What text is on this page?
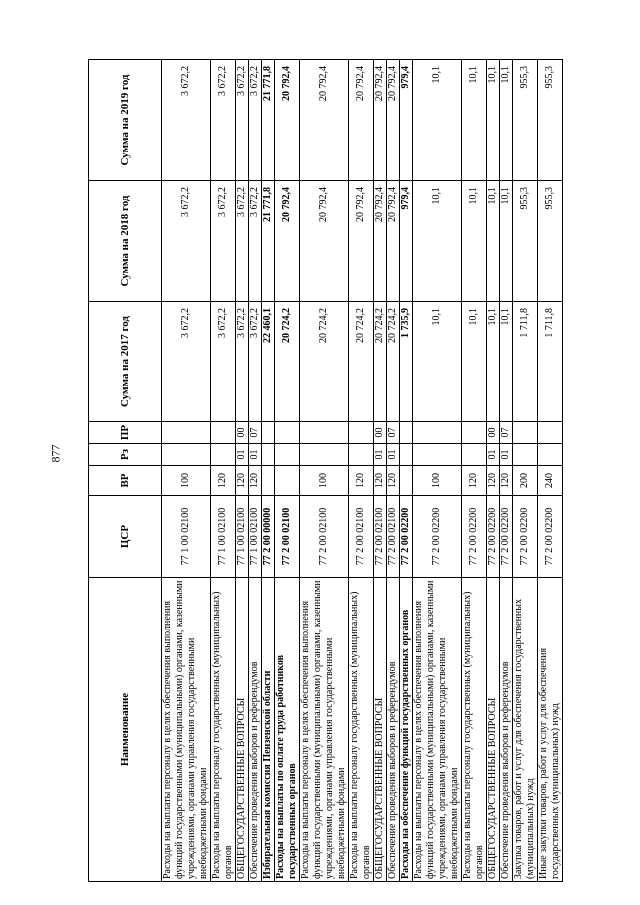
877
Наименование	ЦСР	ВР	Рз	ПР	Сумма на 2017 год	Сумма на 2018 год	Сумма на 2019 год
Расходы на выплаты персоналу в целях обеспечения выполнения функций государственными (муниципальными) органами, казенными учреждениями, органами управления государственными внебюджетными фондами	77 1 00 02100	100			3 672,2	3 672,2	3 672,2
Расходы на выплаты персоналу государственных (муниципальных) органов	77 1 00 02100	120			3 672,2	3 672,2	3 672,2
ОБЩЕГОСУДАРСТВЕННЫЕ ВОПРОСЫ	77 1 00 02100	120	01	00	3 672,2	3 672,2	3 672,2
Обеспечение проведения выборов и референдумов	77 1 00 02100	120	01	07	3 672,2	3 672,2	3 672,2
Избирательная комиссия Пензенской области	77 2 00 00000				22 460,1	21 771,8	21 771,8
Расходы на выплаты по оплате труда работников государственных органов	77 2 00 02100				20 724,2	20 792,4	20 792,4
Расходы на выплаты персоналу в целях обеспечения выполнения функций государственными (муниципальными) органами, казенными учреждениями, органами управления государственными внебюджетными фондами	77 2 00 02100	100			20 724,2	20 792,4	20 792,4
Расходы на выплаты персоналу государственных (муниципальных) органов	77 2 00 02100	120			20 724,2	20 792,4	20 792,4
ОБЩЕГОСУДАРСТВЕННЫЕ ВОПРОСЫ	77 2 00 02100	120	01	00	20 724,2	20 792,4	20 792,4
Обеспечение проведения выборов и референдумов	77 2 00 02100	120	01	07	20 724,2	20 792,4	20 792,4
Расходы на обеспечение функций государственных органов	77 2 00 02200				1 735,9	979,4	979,4
Расходы на выплаты персоналу в целях обеспечения выполнения функций государственными (муниципальными) органами, казенными учреждениями, органами управления государственными внебюджетными фондами	77 2 00 02200	100			10,1	10,1	10,1
Расходы на выплаты персоналу государственных (муниципальных) органов	77 2 00 02200	120			10,1	10,1	10,1
ОБЩЕГОСУДАРСТВЕННЫЕ ВОПРОСЫ	77 2 00 02200	120	01	00	10,1	10,1	10,1
Обеспечение проведения выборов и референдумов	77 2 00 02200	120	01	07	10,1	10,1	10,1
Закупка товаров, работ и услуг для обеспечения государственных (муниципальных) нужд	77 2 00 02200	200			1 711,8	955,3	955,3
Иные закупки товаров, работ и услуг для обеспечения государственных (муниципальных) нужд	77 2 00 02200	240			1 711,8	955,3	955,3
